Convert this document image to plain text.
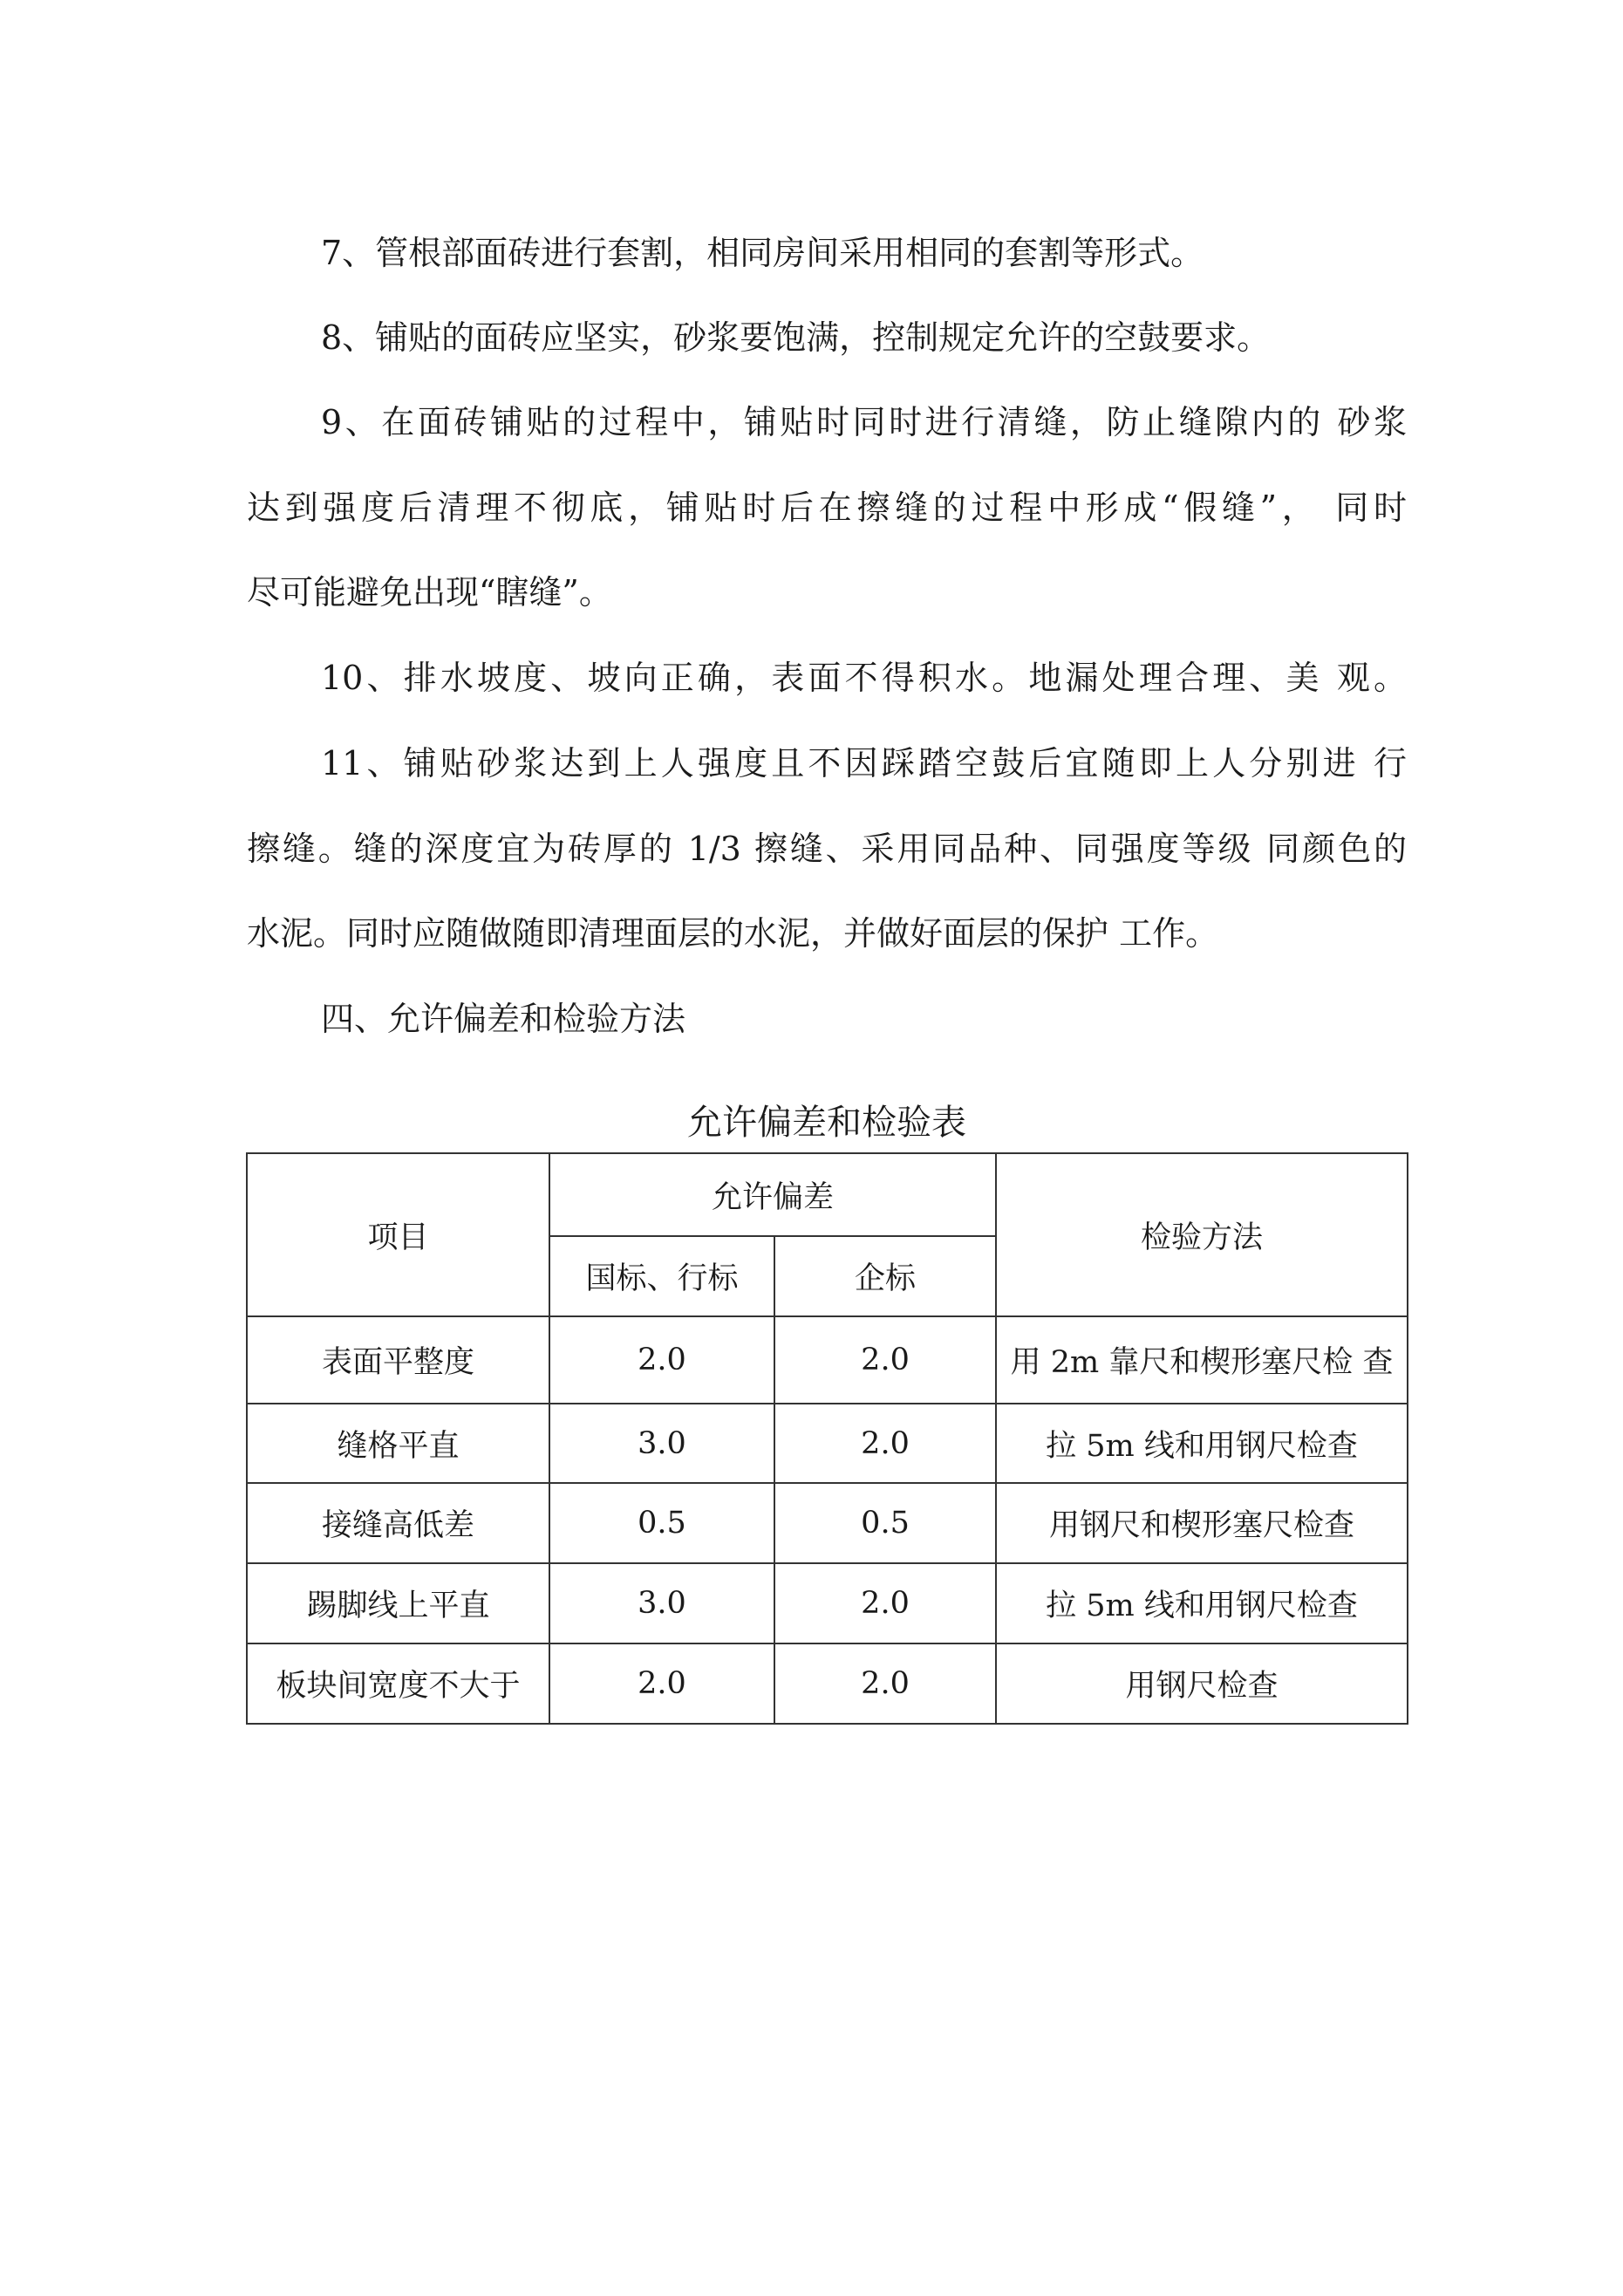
7、管根部面砖进行套割，相同房间采用相同的套割等形式。
8、铺贴的面砖应坚实，砂浆要饱满，控制规定允许的空鼓要求。
9、在面砖铺贴的过程中，铺贴时同时进行清缝，防止缝隙内的 砂浆
达到强度后清理不彻底，铺贴时后在擦缝的过程中形成“假缝”， 同时
尽可能避免出现“瞎缝”。
10、排水坡度、坡向正确，表面不得积水。地漏处理合理、美 观。
11、铺贴砂浆达到上人强度且不因踩踏空鼓后宜随即上人分别进 行
擦缝。缝的深度宜为砖厚的 1/3 擦缝、采用同品种、同强度等级 同颜色的
水泥。同时应随做随即清理面层的水泥，并做好面层的保护 工作。
四、允许偏差和检验方法
允许偏差和检验表
项目	允许偏差		检验方法
	国标、行标	企标	
表面平整度	2.0	2.0	用 2m 靠尺和楔形塞尺检 查
缝格平直	3.0	2.0	拉 5m 线和用钢尺检查
接缝高低差	0.5	0.5	用钢尺和楔形塞尺检查
踢脚线上平直	3.0	2.0	拉 5m 线和用钢尺检查
板块间宽度不大于	2.0	2.0	用钢尺检查
